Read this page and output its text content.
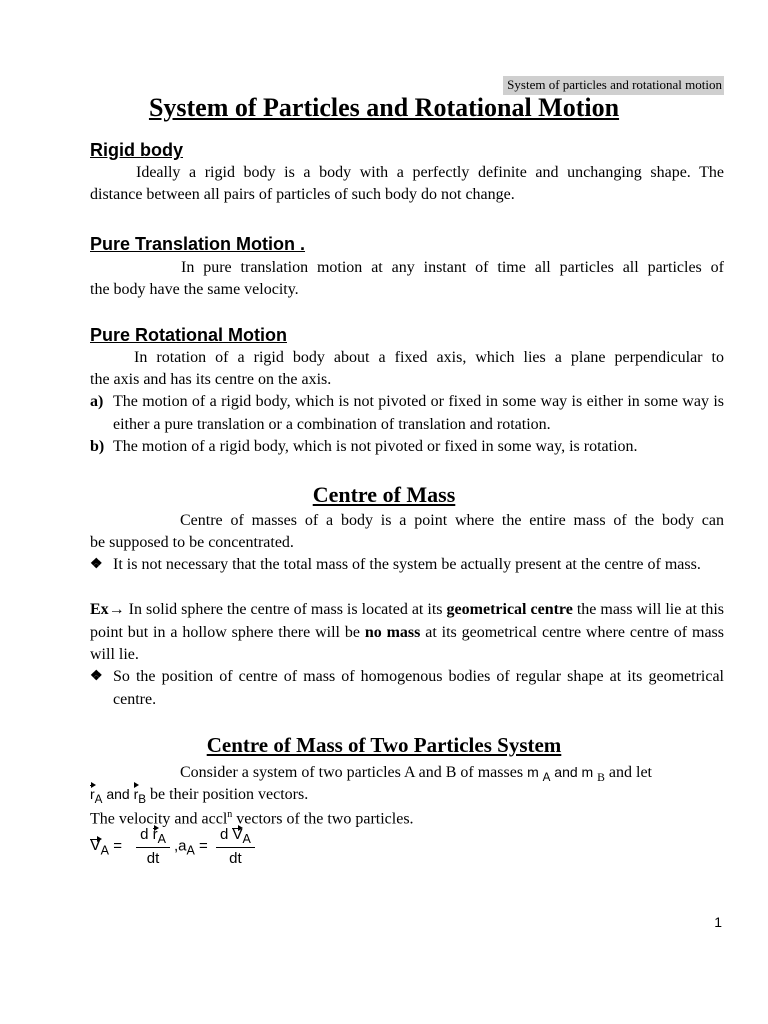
System of particles and rotational motion
System of Particles and Rotational Motion
Rigid body
Ideally a rigid body is a body with a perfectly definite and unchanging shape. The
distance between all pairs of particles of such body do not change.
Pure Translation Motion .
In pure translation motion at any instant of time all particles all particles of
the body have the same velocity.
Pure Rotational Motion
In rotation of a rigid body about a fixed axis, which lies a plane perpendicular to
the axis and has its centre on the axis.
a) The motion of a rigid body, which is not pivoted or fixed in some way is either in some way is either a pure translation or a combination of translation and rotation.
b) The motion of a rigid body, which is not pivoted or fixed in some way, is rotation.
Centre of Mass
Centre of masses of a body is a point where the entire mass of the body can
be supposed to be concentrated.
❖ It is not necessary that the total mass of the system be actually present at the centre of mass.
Ex→ In solid sphere the centre of mass is located at its geometrical centre the mass will lie at this point but in a hollow sphere there will be no mass at its geometrical centre where centre of mass will lie.
❖ So the position of centre of mass of homogenous bodies of regular shape at its geometrical centre.
Centre of Mass of Two Particles System
Consider a system of two particles A and B of masses m $_A$ and m $_B$ and let
$r_A$ and $r_B$ be their position vectors.
The velocity and accl$^n$ vectors of the two particles.
$V_A = \frac{d r_A}{dt} ,a_A = \frac{d V_A}{dt}$
1
